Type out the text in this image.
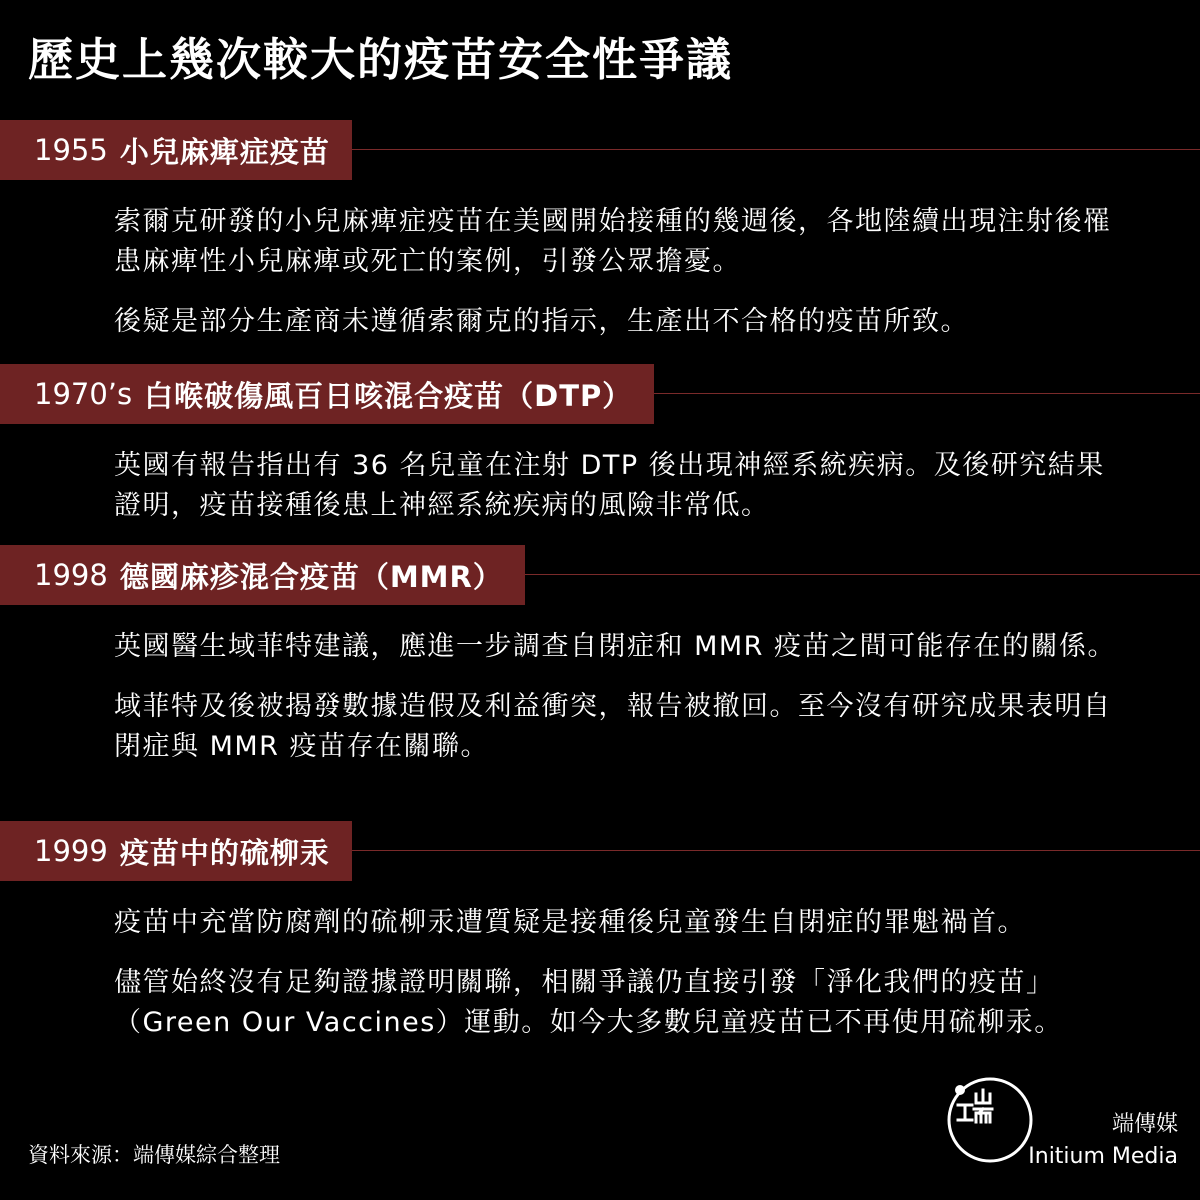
歷史上幾次較大的疫苗安全性爭議
1955 小兒麻痺症疫苗

索爾克研發的小兒麻痺症疫苗在美國開始接種的幾週後，各地陸續出現注射後罹患麻痺性小兒麻痺或死亡的案例，引發公眾擔憂。

後疑是部分生產商未遵循索爾克的指示，生產出不合格的疫苗所致。

1970’s 白喉破傷風百日咳混合疫苗（DTP）

英國有報告指出有 36 名兒童在注射 DTP 後出現神經系統疾病。及後研究結果證明，疫苗接種後患上神經系統疾病的風險非常低。

1998 德國麻疹混合疫苗（MMR）

英國醫生域菲特建議，應進一步調查自閉症和 MMR 疫苗之間可能存在的關係。

域菲特及後被揭發數據造假及利益衝突，報告被撤回。至今沒有研究成果表明自閉症與 MMR 疫苗存在關聯。

1999 疫苗中的硫柳汞

疫苗中充當防腐劑的硫柳汞遭質疑是接種後兒童發生自閉症的罪魁禍首。

儘管始終沒有足夠證據證明關聯，相關爭議仍直接引發「淨化我們的疫苗」（Green Our Vaccines）運動。如今大多數兒童疫苗已不再使用硫柳汞。

資料來源：端傳媒綜合整理

端傳媒

Initium Media
